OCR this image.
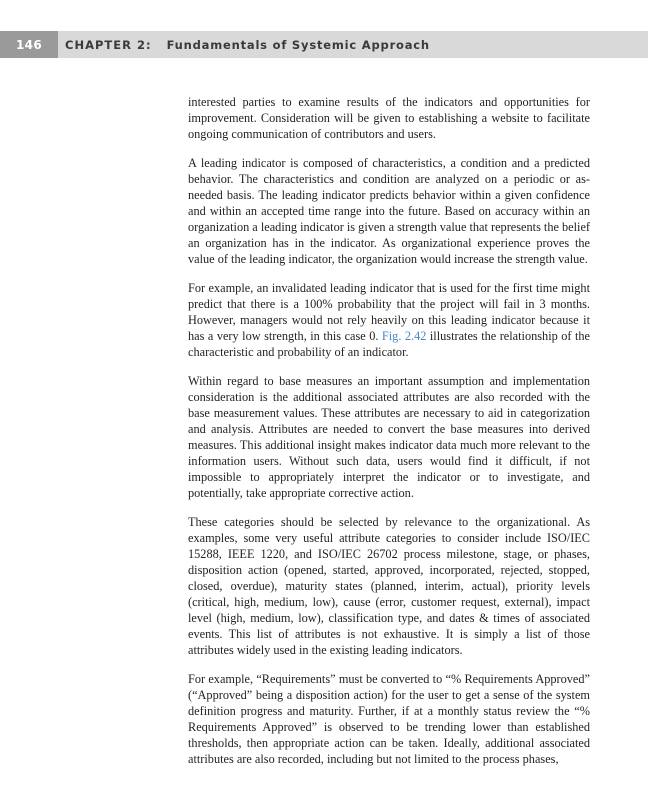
146	CHAPTER 2: Fundamentals of Systemic Approach

interested parties to examine results of the indicators and opportunities for improvement. Consideration will be given to establishing a website to facilitate ongoing communication of contributors and users.

A leading indicator is composed of characteristics, a condition and a predicted behavior. The characteristics and condition are analyzed on a periodic or as-needed basis. The leading indicator predicts behavior within a given confidence and within an accepted time range into the future. Based on accuracy within an organization a leading indicator is given a strength value that represents the belief an organization has in the indicator. As organizational experience proves the value of the leading indicator, the organization would increase the strength value.

For example, an invalidated leading indicator that is used for the first time might predict that there is a 100% probability that the project will fail in 3 months. However, managers would not rely heavily on this leading indicator because it has a very low strength, in this case 0. Fig. 2.42 illustrates the relationship of the characteristic and probability of an indicator.

Within regard to base measures an important assumption and implementation consideration is the additional associated attributes are also recorded with the base measurement values. These attributes are necessary to aid in categorization and analysis. Attributes are needed to convert the base measures into derived measures. This additional insight makes indicator data much more relevant to the information users. Without such data, users would find it difficult, if not impossible to appropriately interpret the indicator or to investigate, and potentially, take appropriate corrective action.

These categories should be selected by relevance to the organizational. As examples, some very useful attribute categories to consider include ISO/IEC 15288, IEEE 1220, and ISO/IEC 26702 process milestone, stage, or phases, disposition action (opened, started, approved, incorporated, rejected, stopped, closed, overdue), maturity states (planned, interim, actual), priority levels (critical, high, medium, low), cause (error, customer request, external), impact level (high, medium, low), classification type, and dates & times of associated events. This list of attributes is not exhaustive. It is simply a list of those attributes widely used in the existing leading indicators.

For example, “Requirements” must be converted to “% Requirements Approved” (“Approved” being a disposition action) for the user to get a sense of the system definition progress and maturity. Further, if at a monthly status review the “% Requirements Approved” is observed to be trending lower than established thresholds, then appropriate action can be taken. Ideally, additional associated attributes are also recorded, including but not limited to the process phases,
